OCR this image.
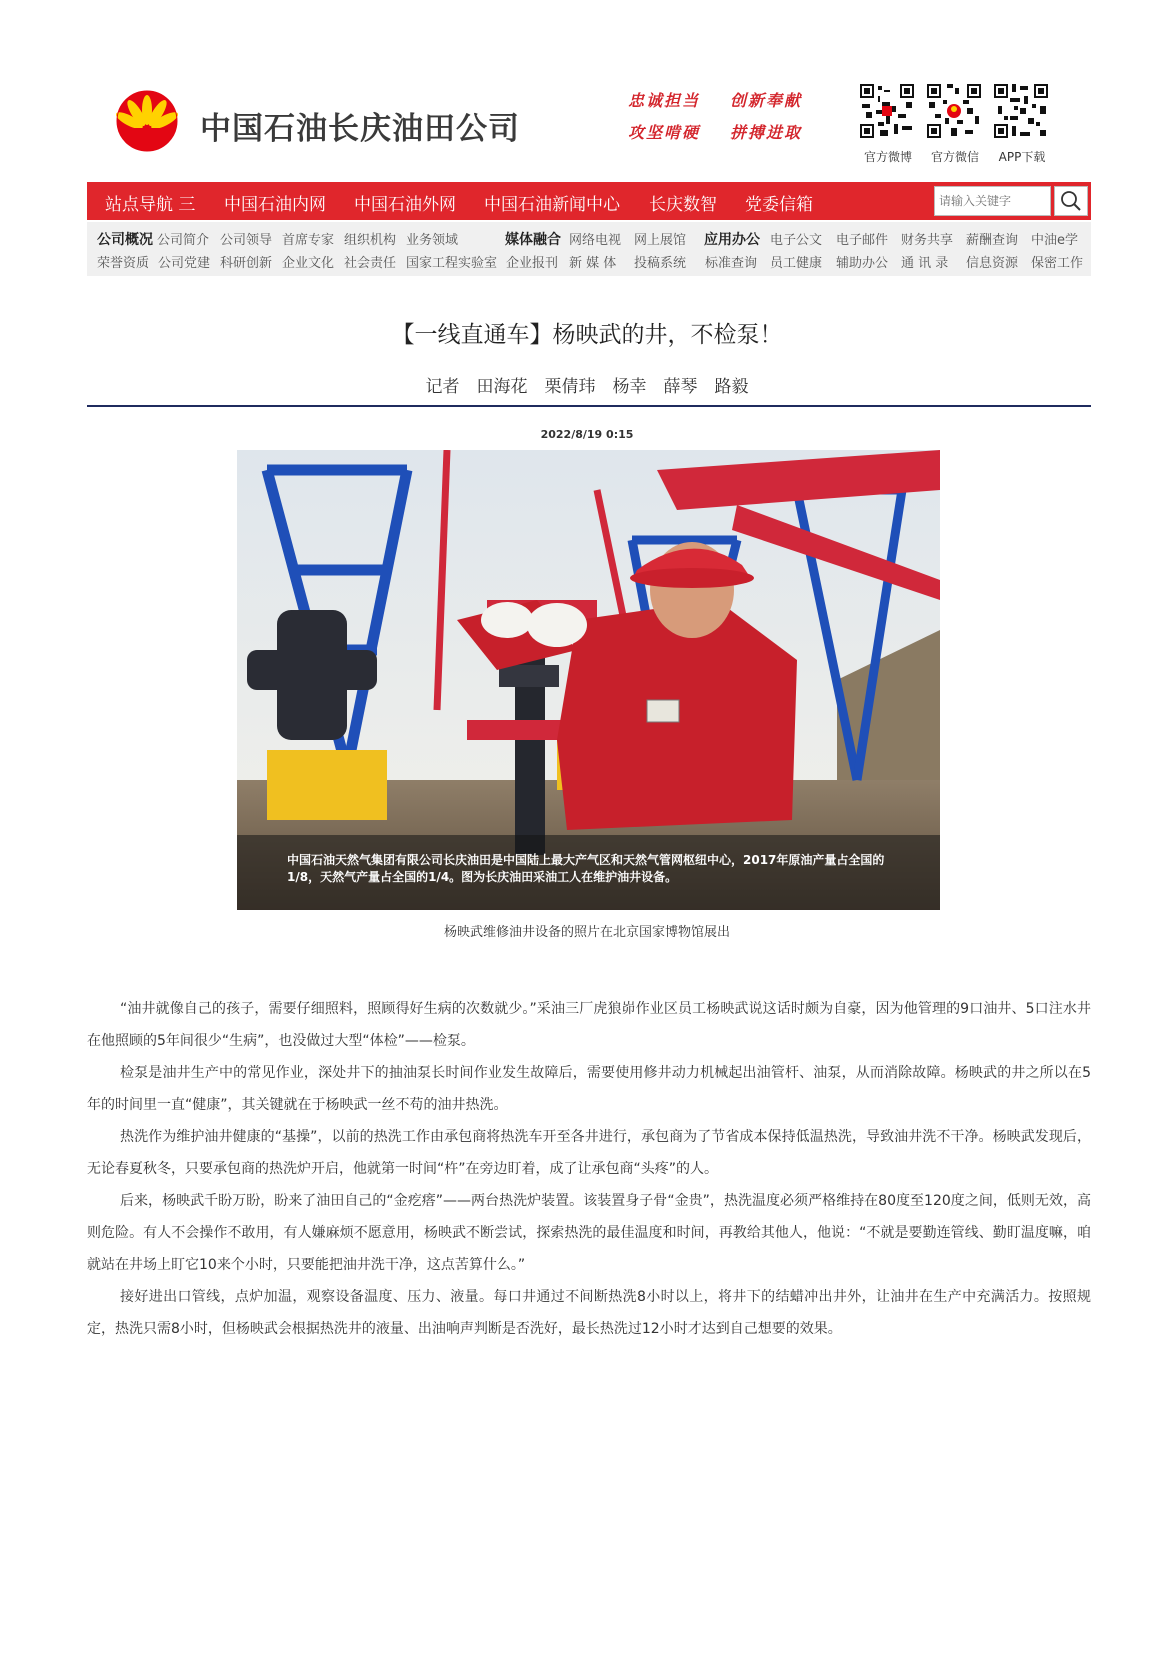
中国石油长庆油田公司
忠诚担当 创新奉献
攻坚啃硬 拼搏进取
官方微博	官方微信	APP下载
站点导航 三 中国石油内网 中国石油外网 中国石油新闻中心 长庆数智 党委信箱
请输入关键字
公司概况 公司简介 公司领导 首席专家 组织机构 业务领域	媒体融合 网络电视 网上展馆 应用办公 电子公文 电子邮件 财务共享 薪酬查询 中油e学
荣誉资质 公司党建 科研创新 企业文化 社会责任 国家工程实验室 企业报刊 新 媒 体 投稿系统 标准查询 员工健康 辅助办公 通 讯 录 信息资源 保密工作
【一线直通车】杨映武的井，不检泵！
记者　田海花　栗倩玮　杨幸　薛琴　路毅
2022/8/19 0:15
中国石油天然气集团有限公司长庆油田是中国陆上最大产气区和天然气管网枢纽中心，2017年原油产量占全国的1/8，天然气产量占全国的1/4。图为长庆油田采油工人在维护油井设备。
杨映武维修油井设备的照片在北京国家博物馆展出

“油井就像自己的孩子，需要仔细照料，照顾得好生病的次数就少。”采油三厂虎狼峁作业区员工杨映武说这话时颇为自豪，因为他管理的9口油井、5口注水井在他照顾的5年间很少“生病”，也没做过大型“体检”——检泵。

检泵是油井生产中的常见作业，深处井下的抽油泵长时间作业发生故障后，需要使用修井动力机械起出油管杆、油泵，从而消除故障。杨映武的井之所以在5年的时间里一直“健康”，其关键就在于杨映武一丝不苟的油井热洗。

热洗作为维护油井健康的“基操”，以前的热洗工作由承包商将热洗车开至各井进行，承包商为了节省成本保持低温热洗，导致油井洗不干净。杨映武发现后，无论春夏秋冬，只要承包商的热洗炉开启，他就第一时间“杵”在旁边盯着，成了让承包商“头疼”的人。

后来，杨映武千盼万盼，盼来了油田自己的“金疙瘩”——两台热洗炉装置。该装置身子骨“金贵”，热洗温度必须严格维持在80度至120度之间，低则无效，高则危险。有人不会操作不敢用，有人嫌麻烦不愿意用，杨映武不断尝试，探索热洗的最佳温度和时间，再教给其他人，他说：“不就是要勤连管线、勤盯温度嘛，咱就站在井场上盯它10来个小时，只要能把油井洗干净，这点苦算什么。”

接好进出口管线，点炉加温，观察设备温度、压力、液量。每口井通过不间断热洗8小时以上，将井下的结蜡冲出井外，让油井在生产中充满活力。按照规定，热洗只需8小时，但杨映武会根据热洗井的液量、出油响声判断是否洗好，最长热洗过12小时才达到自己想要的效果。
